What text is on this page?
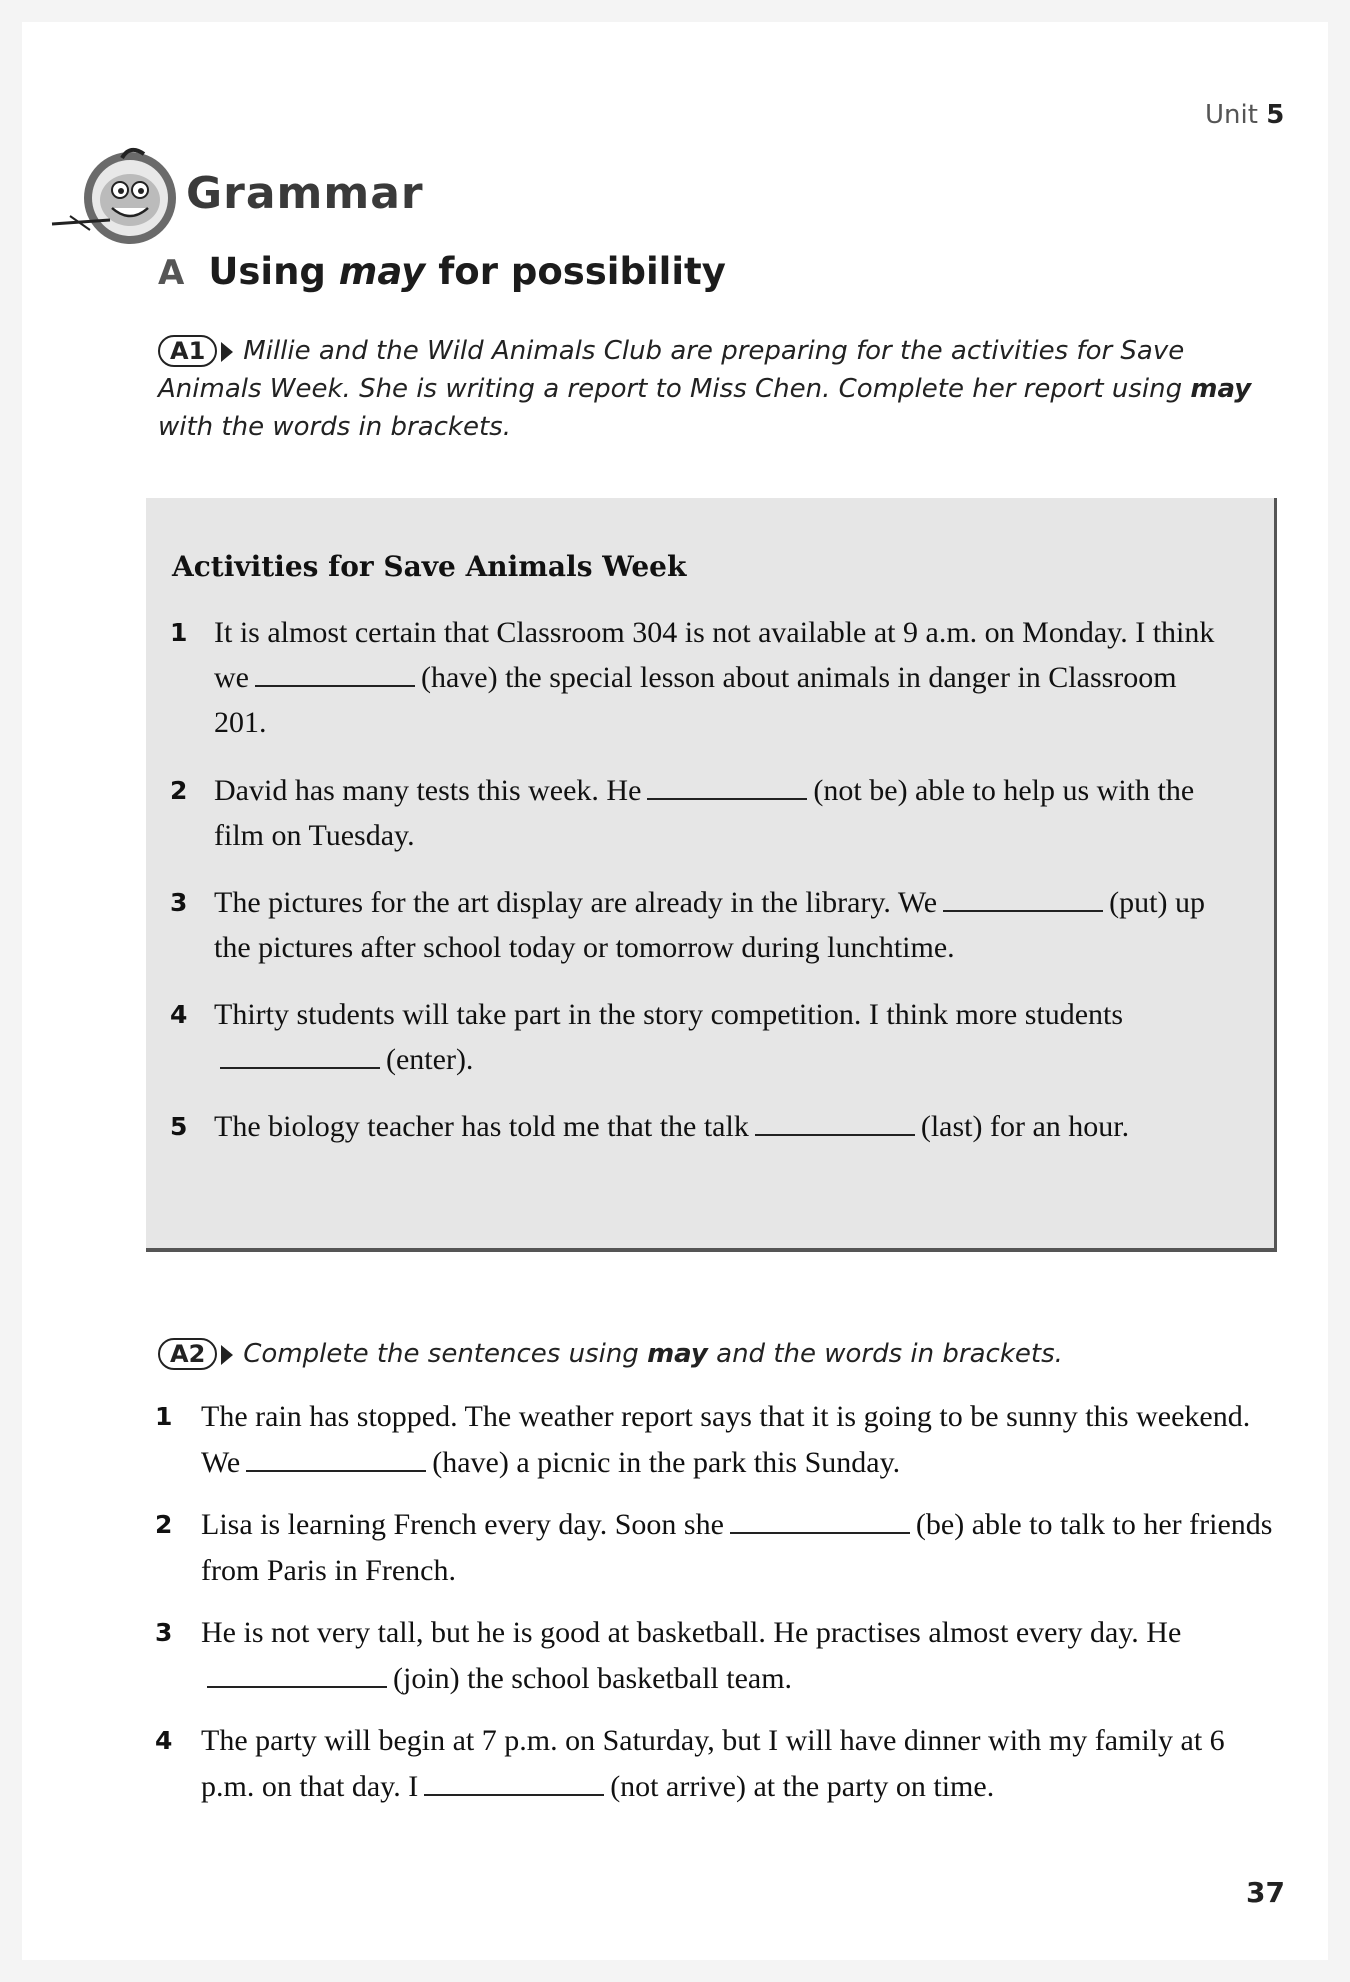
Unit 5
Grammar
A Using may for possibility
A1 Millie and the Wild Animals Club are preparing for the activities for Save Animals Week. She is writing a report to Miss Chen. Complete her report using may with the words in brackets.
Activities for Save Animals Week
1 It is almost certain that Classroom 304 is not available at 9 a.m. on Monday. I think we	(have) the special lesson about animals in danger in Classroom 201.
2 David has many tests this week. He	(not be) able to help us with the film on Tuesday.
3 The pictures for the art display are already in the library. We	(put) up the pictures after school today or tomorrow during lunchtime.
4 Thirty students will take part in the story competition. I think more students(enter).
5 The biology teacher has told me that the talk	(last) for an hour.
A2 Complete the sentences using may and the words in brackets.
1 The rain has stopped. The weather report says that it is going to be sunny this weekend. We	(have) a picnic in the park this Sunday.
2 Lisa is learning French every day. Soon she	(be) able to talk to her friends from Paris in French.
3 He is not very tall, but he is good at basketball. He practises almost every day. He(join) the school basketball team.
4 The party will begin at 7 p.m. on Saturday, but I will have dinner with my family at 6 p.m. on that day. I	(not arrive) at the party on time.
37
